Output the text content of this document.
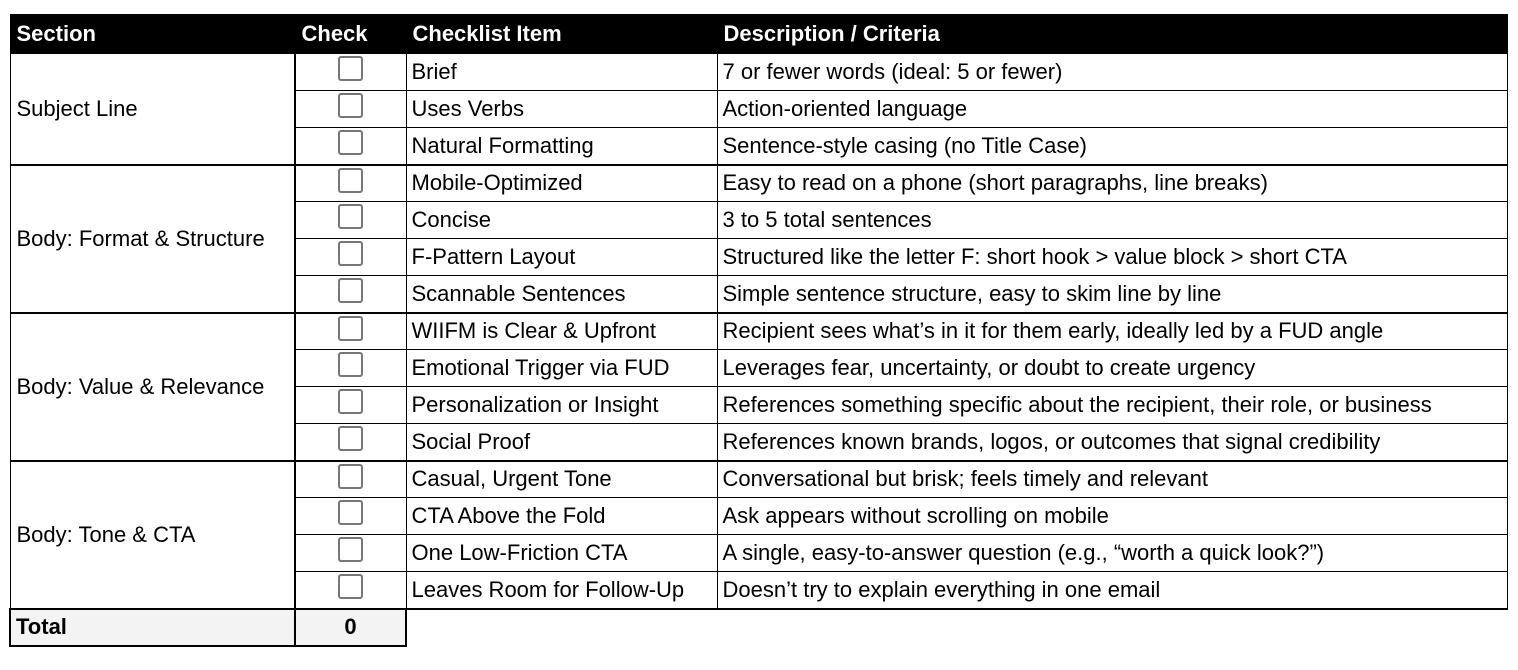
Section	Check	Checklist Item	Description / Criteria
Subject Line		Brief	7 or fewer words (ideal: 5 or fewer)
		Uses Verbs	Action-oriented language
		Natural Formatting	Sentence-style casing (no Title Case)
Body: Format & Structure		Mobile-Optimized	Easy to read on a phone (short paragraphs, line breaks)
		Concise	3 to 5 total sentences
		F-Pattern Layout	Structured like the letter F: short hook > value block > short CTA
		Scannable Sentences	Simple sentence structure, easy to skim line by line
Body: Value & Relevance		WIIFM is Clear & Upfront	Recipient sees what’s in it for them early, ideally led by a FUD angle
		Emotional Trigger via FUD	Leverages fear, uncertainty, or doubt to create urgency
		Personalization or Insight	References something specific about the recipient, their role, or business
		Social Proof	References known brands, logos, or outcomes that signal credibility
Body: Tone & CTA		Casual, Urgent Tone	Conversational but brisk; feels timely and relevant
		CTA Above the Fold	Ask appears without scrolling on mobile
		One Low-Friction CTA	A single, easy-to-answer question (e.g., “worth a quick look?”)
		Leaves Room for Follow-Up	Doesn’t try to explain everything in one email
Total	0		
